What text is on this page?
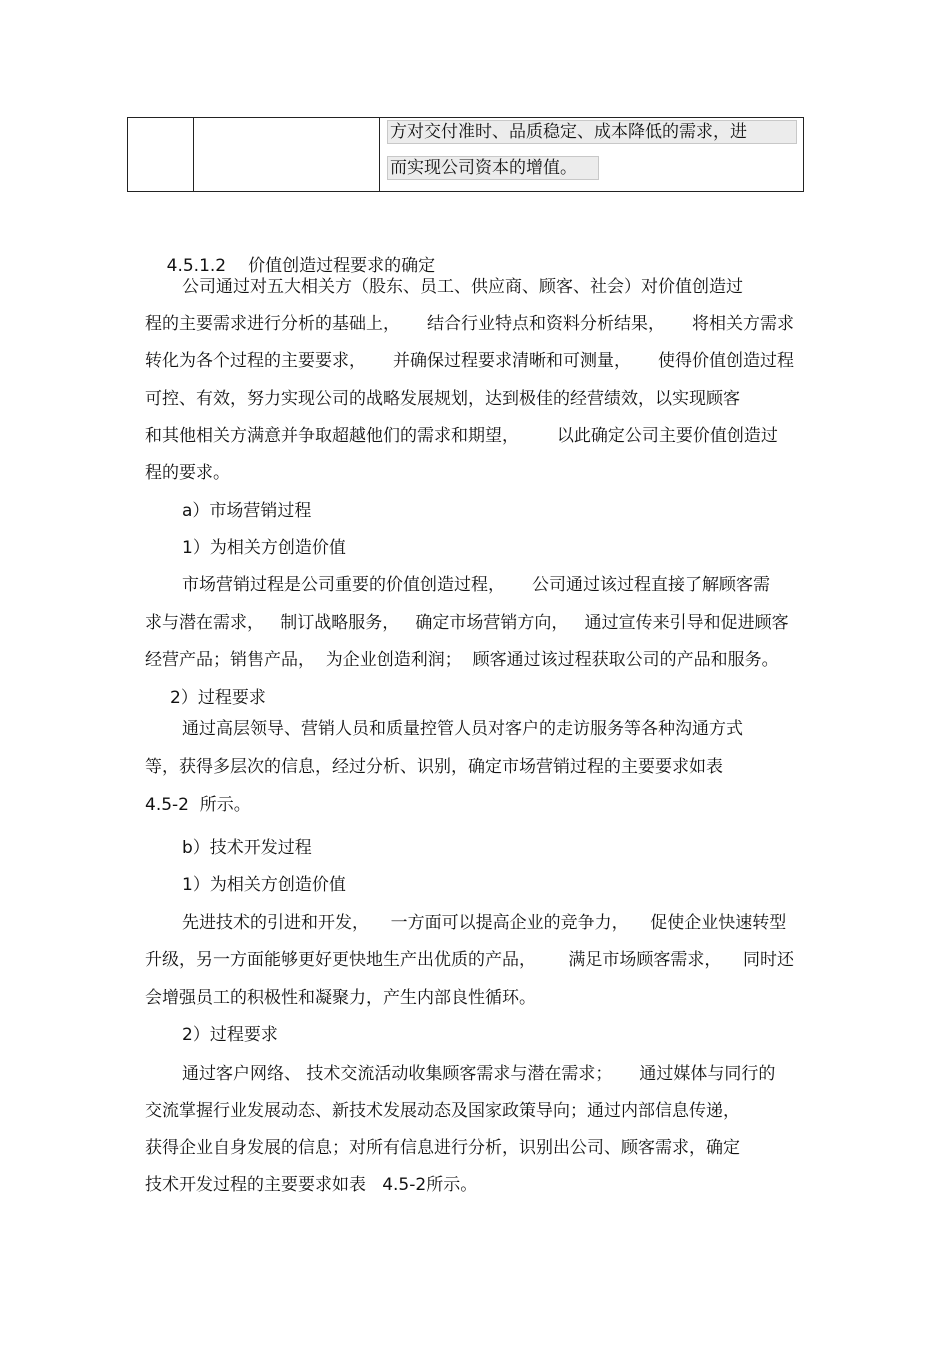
方对交付准时、品质稳定、成本降低的需求，进
而实现公司资本的增值。

4.5.1.2 价值创造过程要求的确定

公司通过对五大相关方（股东、员工、供应商、顾客、社会）对价值创造过
程的主要需求进行分析的基础上，     结合行业特点和资料分析结果，     将相关方需求
转化为各个过程的主要要求，     并确保过程要求清晰和可测量，     使得价值创造过程
可控、有效，努力实现公司的战略发展规划，达到极佳的经营绩效，以实现顾客
和其他相关方满意并争取超越他们的需求和期望，       以此确定公司主要价值创造过
程的要求。
a）市场营销过程
1）为相关方创造价值
市场营销过程是公司重要的价值创造过程，     公司通过该过程直接了解顾客需
求与潜在需求，   制订战略服务，   确定市场营销方向，   通过宣传来引导和促进顾客
经营产品；销售产品，  为企业创造利润；  顾客通过该过程获取公司的产品和服务。
2）过程要求
通过高层领导、营销人员和质量控管人员对客户的走访服务等各种沟通方式
等，获得多层次的信息，经过分析、识别，确定市场营销过程的主要要求如表
4.5-2  所示。
b）技术开发过程
1）为相关方创造价值
先进技术的引进和开发，    一方面可以提高企业的竞争力，    促使企业快速转型
升级，另一方面能够更好更快地生产出优质的产品，      满足市场顾客需求，    同时还
会增强员工的积极性和凝聚力，产生内部良性循环。
2）过程要求
通过客户网络、 技术交流活动收集顾客需求与潜在需求；     通过媒体与同行的
交流掌握行业发展动态、新技术发展动态及国家政策导向；通过内部信息传递，
获得企业自身发展的信息；对所有信息进行分析，识别出公司、顾客需求，确定
技术开发过程的主要要求如表   4.5-2所示。
